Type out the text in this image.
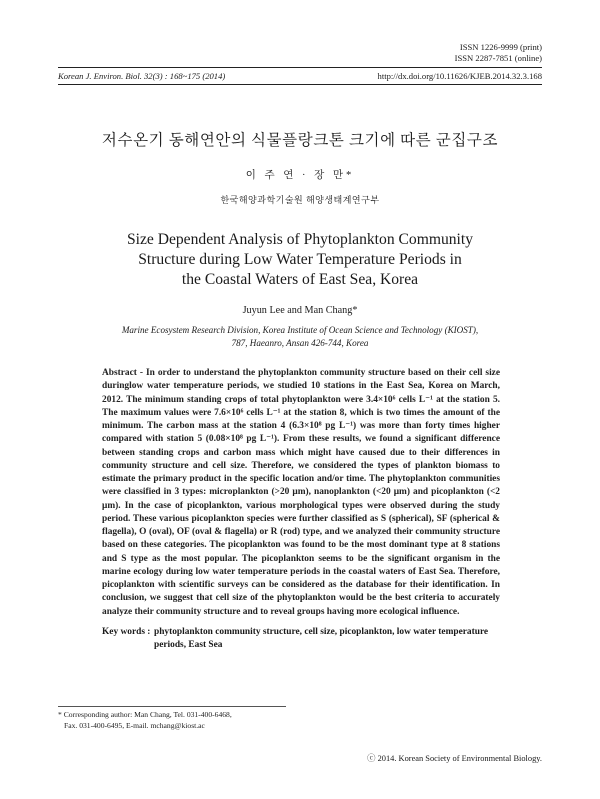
ISSN 1226-9999 (print)
ISSN 2287-7851 (online)
Korean J. Environ. Biol. 32(3) : 168~175 (2014)	http://dx.doi.org/10.11626/KJEB.2014.32.3.168
저수온기 동해연안의 식물플랑크톤 크기에 따른 군집구조
이 주 연 · 장 만*
한국해양과학기술원 해양생태계연구부
Size Dependent Analysis of Phytoplankton Community
Structure during Low Water Temperature Periods in
the Coastal Waters of East Sea, Korea
Juyun Lee and Man Chang*
Marine Ecosystem Research Division, Korea Institute of Ocean Science and Technology (KIOST),
787, Haeanro, Ansan 426-744, Korea
Abstract - In order to understand the phytoplankton community structure based on their cell size duringlow water temperature periods, we studied 10 stations in the East Sea, Korea on March, 2012. The minimum standing crops of total phytoplankton were 3.4×10⁶ cells L⁻¹ at the station 5. The maximum values were 7.6×10⁶ cells L⁻¹ at the station 8, which is two times the amount of the minimum. The carbon mass at the station 4 (6.3×10⁸ pg L⁻¹) was more than forty times higher compared with station 5 (0.08×10⁸ pg L⁻¹). From these results, we found a significant difference between standing crops and carbon mass which might have caused due to their differences in community structure and cell size. Therefore, we considered the types of plankton biomass to estimate the primary product in the specific location and/or time. The phytoplankton communities were classified in 3 types: microplankton (>20 μm), nanoplankton (<20 μm) and picoplankton (<2 μm). In the case of picoplankton, various morphological types were observed during the study period. These various picoplankton species were further classified as S (spherical), SF (spherical & flagella), O (oval), OF (oval & flagella) or R (rod) type, and we analyzed their community structure based on these categories. The picoplankton was found to be the most dominant type at 8 stations and S type as the most popular. The picoplankton seems to be the significant organism in the marine ecology during low water temperature periods in the coastal waters of East Sea. Therefore, picoplankton with scientific surveys can be considered as the database for their identification. In conclusion, we suggest that cell size of the phytoplankton would be the best criteria to accurately analyze their community structure and to reveal groups having more ecological influence.
Key words : phytoplankton community structure, cell size, picoplankton, low water temperature
periods, East Sea
* Corresponding author: Man Chang, Tel. 031-400-6468,
Fax. 031-400-6495, E-mail. mchang@kiost.ac
ⓒ 2014. Korean Society of Environmental Biology.
